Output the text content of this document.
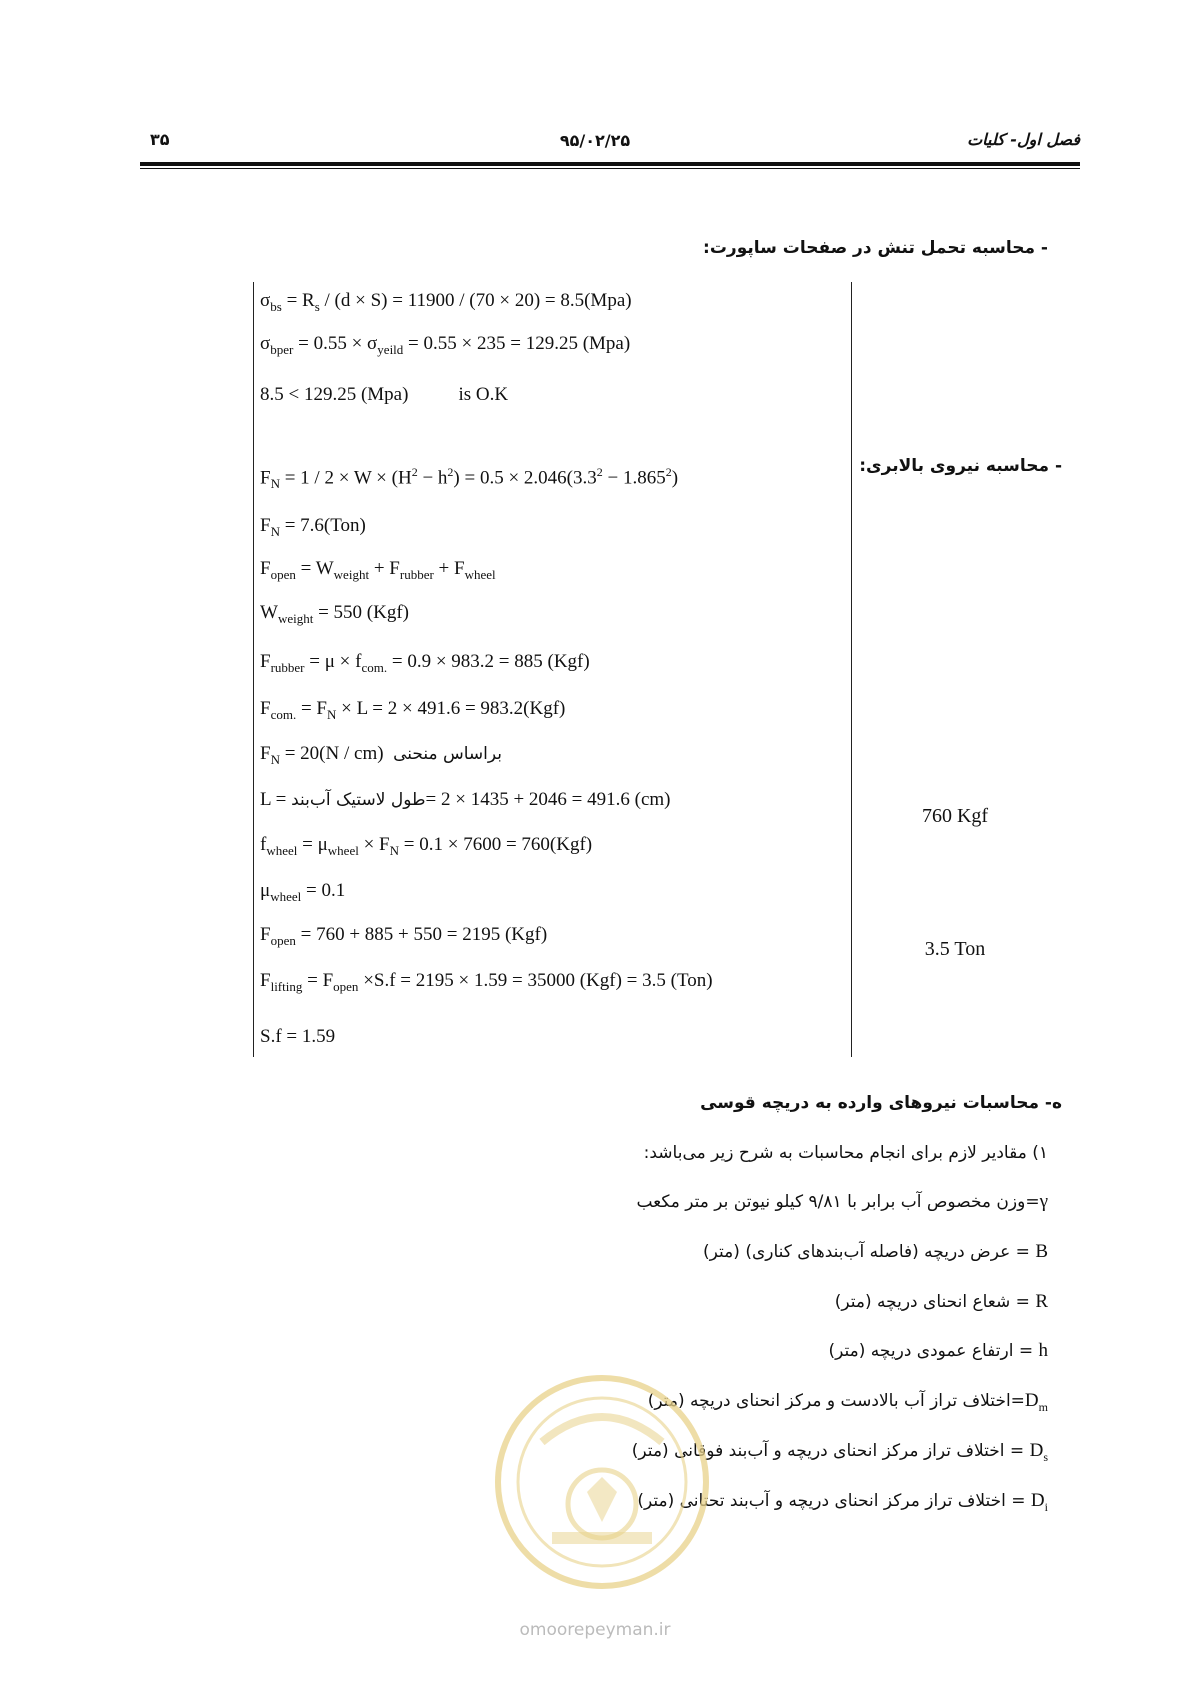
فصل اول- کلیات
۹۵/۰۲/۲۵
۳۵
- محاسبه تحمل تنش در صفحات ساپورت:
- محاسبه نیروی بالابری:
$\sigma_{bs} = R_s / (d \times S) = 11900 / (70 \times 20) = 8.5(Mpa)$
$\sigma_{bper} = 0.55 \times \sigma_{yeild} = 0.55 \times 235 = 129.25$ (Mpa)
8.5 < 129.25 (Mpa)	is O.K
$F_N = 1 / 2 \times W \times (H^2 - h^2) = 0.5 \times 2.046(3.3^2 - 1.865^2)$
$F_N = 7.6(Ton)$
$F_{open} = W_{weight} + F_{rubber} + F_{wheel}$
$W_{weight} = 550$ (Kgf)
$F_{rubber} = \mu \times f_{com.} = 0.9 \times 983.2 = 885$ (Kgf)
$F_{com.} = F_N \times L = 2 \times 491.6 = 983.2(Kgf)$
$F_N = 20(N / cm)$ براساس منحنی
L = طول لاستیک آب‌بند= 2 × 1435 + 2046 = 491.6 (cm)
$f_{wheel} = \mu_{wheel} \times F_N = 0.1 \times 7600 = 760(Kgf)$
$\mu_{wheel} = 0.1$
$F_{open} = 760 + 885 + 550 = 2195$ (Kgf)
$F_{lifting} = F_{open} \times S.f = 2195 \times 1.59 = 35000$ (Kgf) = 3.5 (Ton)
S.f = 1.59
760 Kgf
3.5 Ton
ه- محاسبات نیروهای وارده به دریچه قوسی
۱) مقادیر لازم برای انجام محاسبات به شرح زیر می‌باشد:
γ=وزن مخصوص آب برابر با ۹/۸۱ کیلو نیوتن بر متر مکعب
B = عرض دریچه (فاصله آب‌بندهای کناری) (متر)
R = شعاع انحنای دریچه (متر)
h = ارتفاع عمودی دریچه (متر)
$D_m=اختلاف$ تراز آب بالادست و مرکز انحنای دریچه (متر)
$D_s$ = اختلاف تراز مرکز انحنای دریچه و آب‌بند فوقانی (متر)
$D_i$ = اختلاف تراز مرکز انحنای دریچه و آب‌بند تحتانی (متر)
omoorepeyman.ir
